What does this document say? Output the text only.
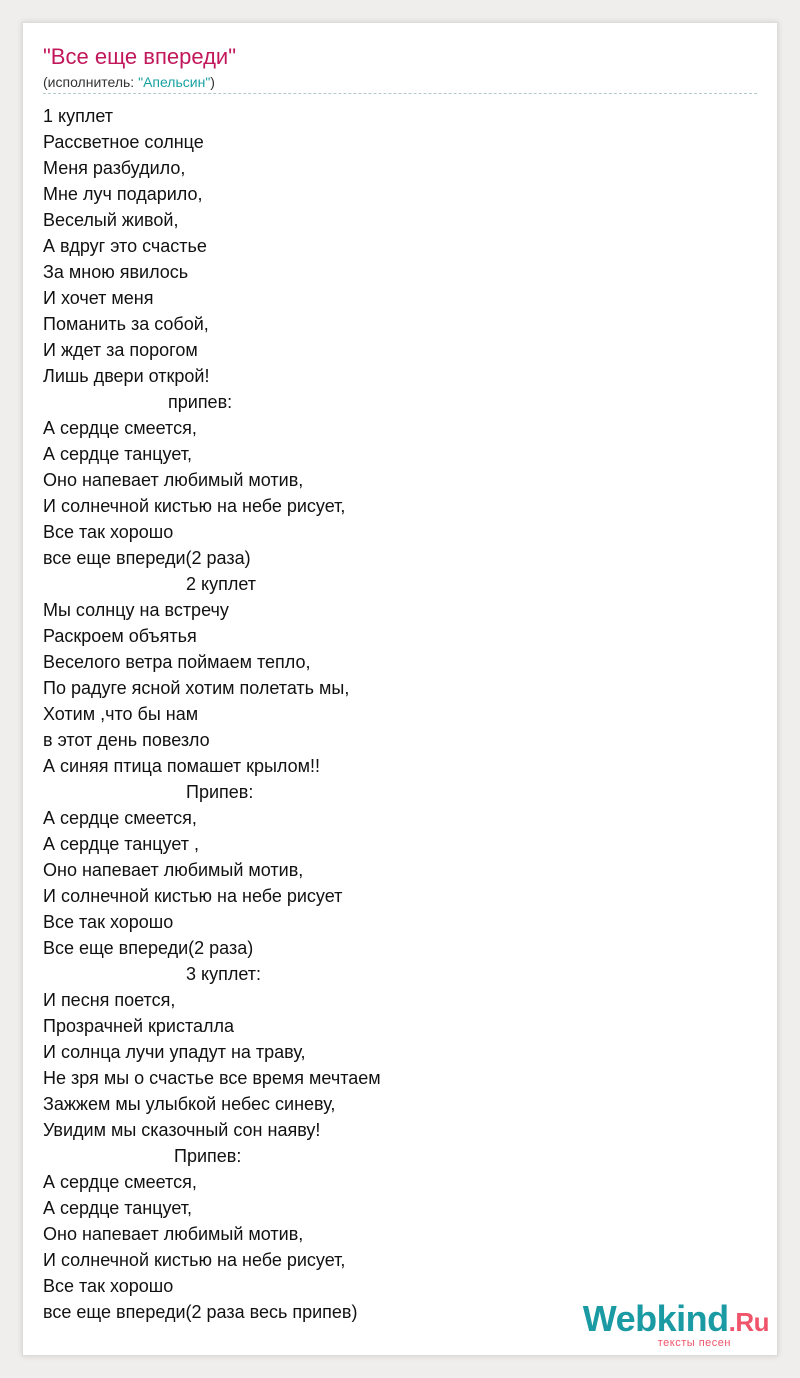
"Все еще впереди"
(исполнитель: "Апельсин")
1 куплет
Рассветное солнце
Меня разбудило,
Мне луч подарило,
Веселый живой,
А вдруг это счастье
За мною явилось
И хочет меня
Поманить за собой,
И ждет за порогом
Лишь двери открой!
припев:
А сердце смеется,
А сердце танцует,
Оно напевает любимый мотив,
И солнечной кистью на небе рисует,
Все так хорошо
все еще впереди(2 раза)
2 куплет
Мы солнцу на встречу
Раскроем объятья
Веселого ветра поймаем тепло,
По радуге ясной хотим полетать мы,
Хотим ,что бы нам
в этот день повезло
А синяя птица помашет крылом!!
Припев:
А сердце смеется,
А сердце танцует ,
Оно напевает любимый мотив,
И солнечной кистью на небе рисует
Все так хорошо
Все еще впереди(2 раза)
3 куплет:
И песня поется,
Прозрачней кристалла
И солнца лучи упадут на траву,
Не зря мы о счастье все время мечтаем
Зажжем мы улыбкой небес синеву,
Увидим мы сказочный сон наяву!
Припев:
А сердце смеется,
А сердце танцует,
Оно напевает любимый мотив,
И солнечной кистью на небе рисует,
Все так хорошо
все еще впереди(2 раза весь припев)	Webkind.Ru
тексты песен
